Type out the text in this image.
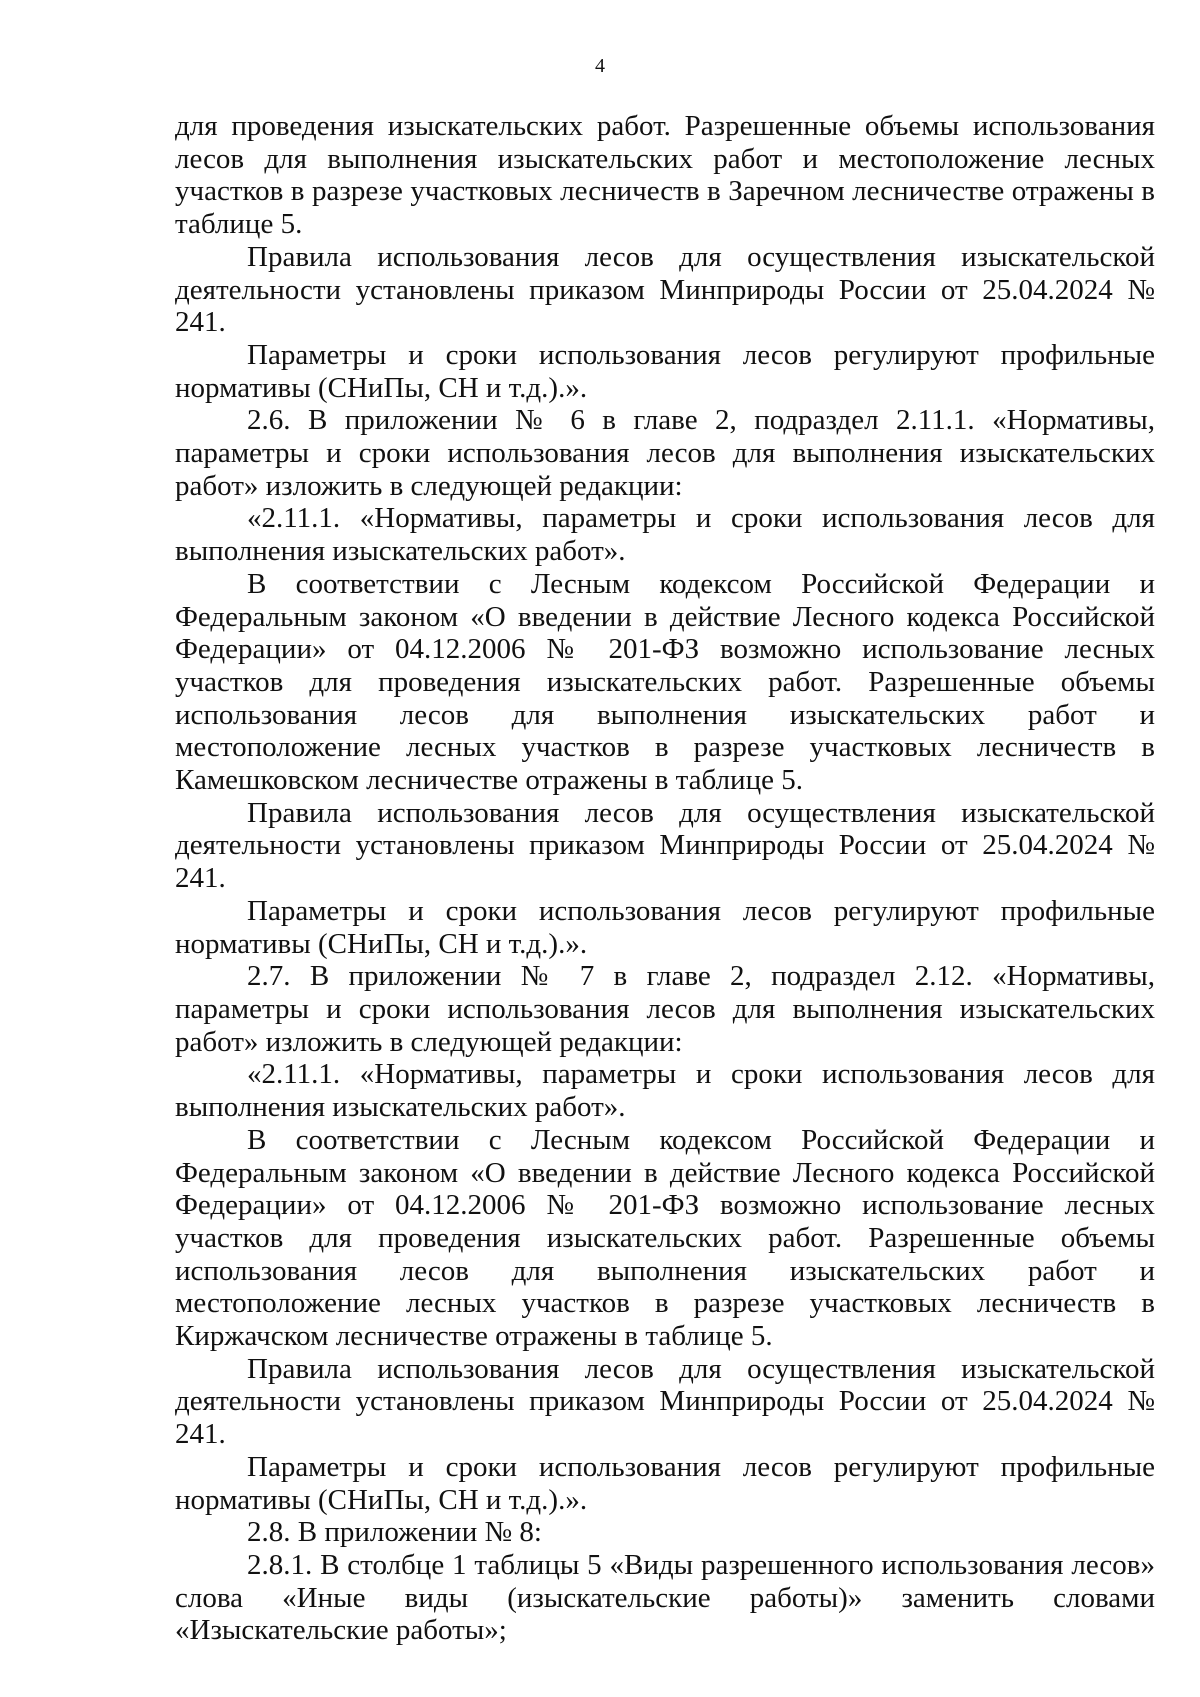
4

для проведения изыскательских работ. Разрешенные объемы использования лесов для выполнения изыскательских работ и местоположение лесных участков в разрезе участковых лесничеств в Заречном лесничестве отражены в таблице 5.

Правила использования лесов для осуществления изыскательской деятельности установлены приказом Минприроды России от 25.04.2024 № 241.

Параметры и сроки использования лесов регулируют профильные нормативы (СНиПы, СН и т.д.).».

2.6. В приложении № 6 в главе 2, подраздел 2.11.1. «Нормативы, параметры и сроки использования лесов для выполнения изыскательских работ» изложить в следующей редакции:

«2.11.1. «Нормативы, параметры и сроки использования лесов для выполнения изыскательских работ».

В соответствии с Лесным кодексом Российской Федерации и Федеральным законом «О введении в действие Лесного кодекса Российской Федерации» от 04.12.2006 № 201-ФЗ возможно использование лесных участков для проведения изыскательских работ. Разрешенные объемы использования лесов для выполнения изыскательских работ и местоположение лесных участков в разрезе участковых лесничеств в Камешковском лесничестве отражены в таблице 5.

Правила использования лесов для осуществления изыскательской деятельности установлены приказом Минприроды России от 25.04.2024 № 241.

Параметры и сроки использования лесов регулируют профильные нормативы (СНиПы, СН и т.д.).».

2.7. В приложении № 7 в главе 2, подраздел 2.12. «Нормативы, параметры и сроки использования лесов для выполнения изыскательских работ» изложить в следующей редакции:

«2.11.1. «Нормативы, параметры и сроки использования лесов для выполнения изыскательских работ».

В соответствии с Лесным кодексом Российской Федерации и Федеральным законом «О введении в действие Лесного кодекса Российской Федерации» от 04.12.2006 № 201-ФЗ возможно использование лесных участков для проведения изыскательских работ. Разрешенные объемы использования лесов для выполнения изыскательских работ и местоположение лесных участков в разрезе участковых лесничеств в Киржачском лесничестве отражены в таблице 5.

Правила использования лесов для осуществления изыскательской деятельности установлены приказом Минприроды России от 25.04.2024 № 241.

Параметры и сроки использования лесов регулируют профильные нормативы (СНиПы, СН и т.д.).».

2.8. В приложении № 8:

2.8.1. В столбце 1 таблицы 5 «Виды разрешенного использования лесов» слова «Иные виды (изыскательские работы)» заменить словами «Изыскательские работы»;
